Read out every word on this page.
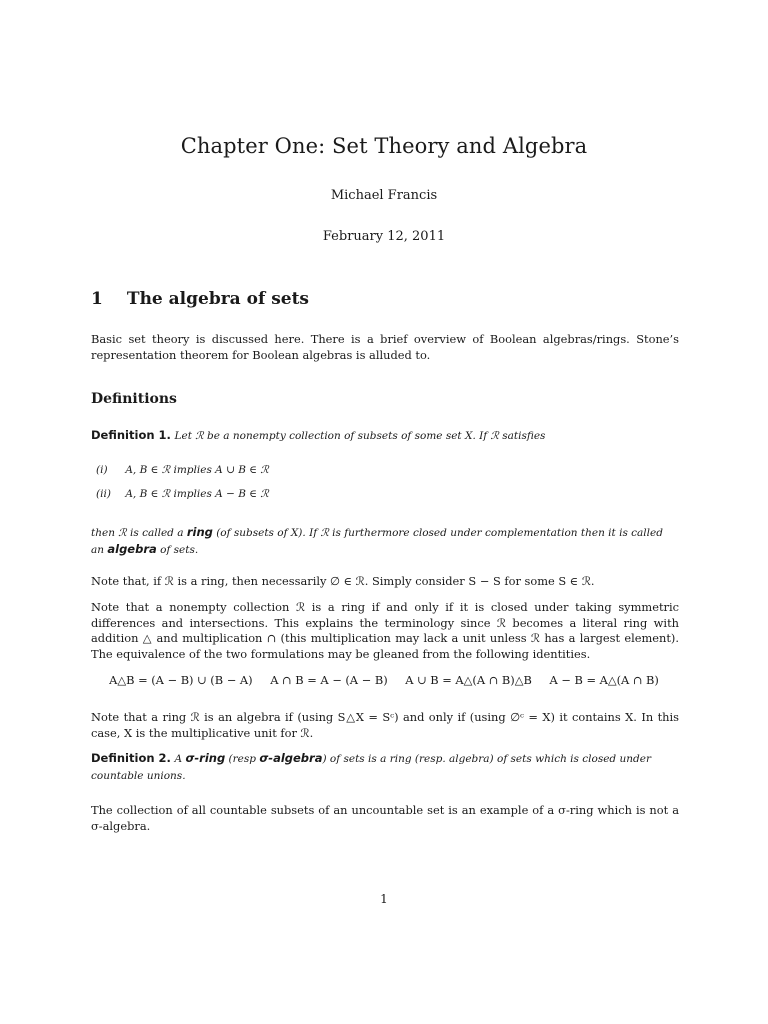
Chapter One: Set Theory and Algebra
Michael Francis
February 12, 2011
1 The algebra of sets
Basic set theory is discussed here. There is a brief overview of Boolean algebras/rings. Stone’s representation theorem for Boolean algebras is alluded to.
Definitions
Definition 1. Let ℛ be a nonempty collection of subsets of some set X. If ℛ satisfies
(i) A, B ∈ ℛ implies A ∪ B ∈ ℛ
(ii) A, B ∈ ℛ implies A − B ∈ ℛ
then ℛ is called a ring (of subsets of X). If ℛ is furthermore closed under complementation then it is called an algebra of sets.
Note that, if ℛ is a ring, then necessarily ∅ ∈ ℛ. Simply consider S − S for some S ∈ ℛ.
Note that a nonempty collection ℛ is a ring if and only if it is closed under taking symmetric differences and intersections. This explains the terminology since ℛ becomes a literal ring with addition △ and multiplication ∩ (this multiplication may lack a unit unless ℛ has a largest element). The equivalence of the two formulations may be gleaned from the following identities.
A△B = (A − B) ∪ (B − A) A ∩ B = A − (A − B) A ∪ B = A△(A ∩ B)△B A − B = A△(A ∩ B)
Note that a ring ℛ is an algebra if (using S△X = Sᶜ) and only if (using ∅ᶜ = X) it contains X. In this case, X is the multiplicative unit for ℛ.
Definition 2. A σ-ring (resp σ-algebra) of sets is a ring (resp. algebra) of sets which is closed under countable unions.
The collection of all countable subsets of an uncountable set is an example of a σ-ring which is not a σ-algebra.
1
